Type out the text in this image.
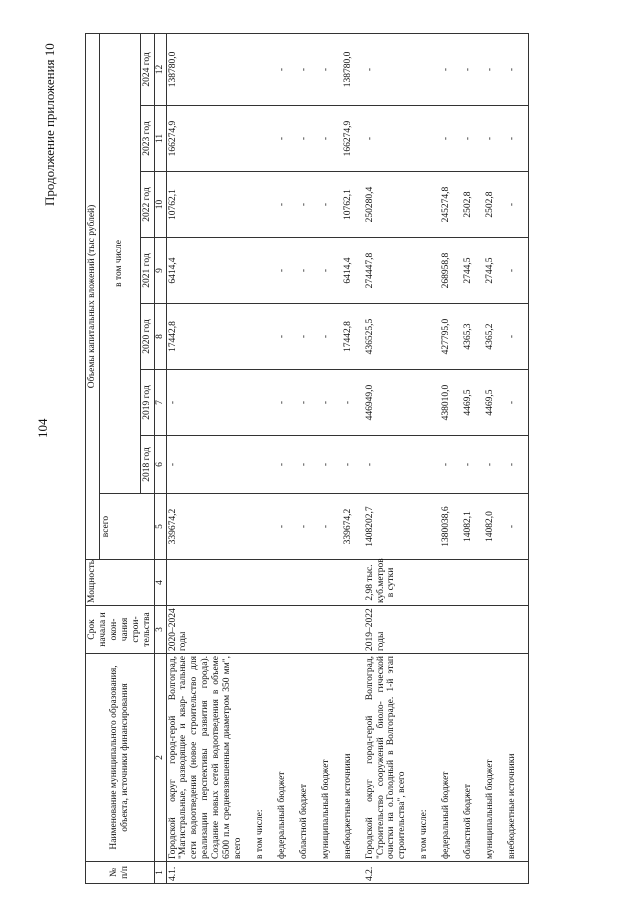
104
Продолжение приложения 10
№ п/п	Наименование муниципального образования, объекта, источники финансирования	Срок начала и окон- чания строи- тельства	Мощность	Объемы капитальных вложений (тыс рублей)							
				всего	в том числе						
					2018 год	2019 год	2020 год	2021 год	2022 год	2023 год	2024 год
1	2	3	4	5	6	7	8	9	10	11	12
4.1.	Городской округ город-герой Волгоград, "Магистральные, разводящие и квар- тальные сети водоотведения (новое строительство для реализации перспективы развития города). Создание новых сетей водоотведения в объеме 6500 п.м средневзвешенным диаметром 350 мм", всего	2020–2024 годы		339674,2	-	-	17442,8	6414,4	10762,1	166274,9	138780,0
	в том числе:										
	федеральный бюджет			-	-	-	-	-	-	-	-
	областной бюджет			-	-	-	-	-	-	-	-
	муниципальный бюджет			-	-	-	-	-	-	-	-
	внебюджетные источники			339674,2	-	-	17442,8	6414,4	10762,1	166274,9	138780,0
4.2.	Городской округ город-герой Волгоград, "Строительство сооружений биоло- гической очистки на о.Голодный в Волгограде. 1-й этап строительства", всего	2019–2022 годы	2,98 тыс. куб.метров в сутки	1408202,7	-	446949,0	436525,5	274447,8	250280,4	-	-
	в том числе:										
	федеральный бюджет			1380038,6	-	438010,0	427795,0	268958,8	245274,8	-	-
	областной бюджет			14082,1	-	4469,5	4365,3	2744,5	2502,8	-	-
	муниципальный бюджет			14082,0	-	4469,5	4365,2	2744,5	2502,8	-	-
	внебюджетные источники			-	-	-	-	-	-	-	-
